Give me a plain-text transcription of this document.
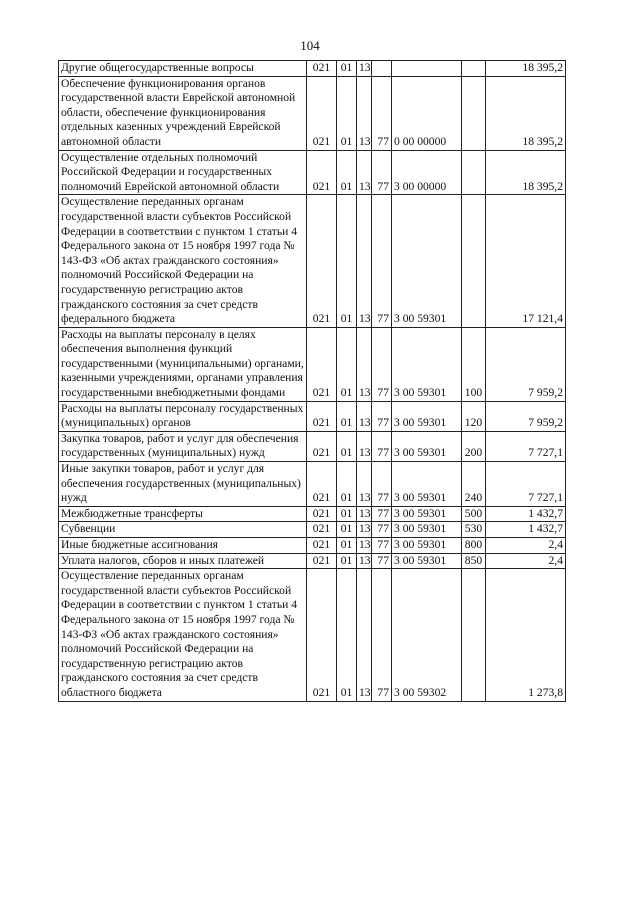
104
Другие общегосударственные вопросы	021	01	13				18 395,2
Обеспечение функционирования органов государственной власти Еврейской автономной области, обеспечение функционирования отдельных казенных учреждений Еврейской автономной области	021	01	13	77	0 00 00000		18 395,2
Осуществление отдельных полномочий Российской Федерации и государственных полномочий Еврейской автономной области	021	01	13	77	3 00 00000		18 395,2
Осуществление переданных органам государственной власти субъектов Российской Федерации в соответствии с пунктом 1 статьи 4 Федерального закона от 15 ноября 1997 года № 143-ФЗ «Об актах гражданского состояния» полномочий Российской Федерации на государственную регистрацию актов гражданского состояния за счет средств федерального бюджета	021	01	13	77	3 00 59301		17 121,4
Расходы на выплаты персоналу в целях обеспечения выполнения функций государственными (муниципальными) органами, казенными учреждениями, органами управления государственными внебюджетными фондами	021	01	13	77	3 00 59301	100	7 959,2
Расходы на выплаты персоналу государственных (муниципальных) органов	021	01	13	77	3 00 59301	120	7 959,2
Закупка товаров, работ и услуг для обеспечения государственных (муниципальных) нужд	021	01	13	77	3 00 59301	200	7 727,1
Иные закупки товаров, работ и услуг для обеспечения государственных (муниципальных) нужд	021	01	13	77	3 00 59301	240	7 727,1
Межбюджетные трансферты	021	01	13	77	3 00 59301	500	1 432,7
Субвенции	021	01	13	77	3 00 59301	530	1 432,7
Иные бюджетные ассигнования	021	01	13	77	3 00 59301	800	2,4
Уплата налогов, сборов и иных платежей	021	01	13	77	3 00 59301	850	2,4
Осуществление переданных органам государственной власти субъектов Российской Федерации в соответствии с пунктом 1 статьи 4 Федерального закона от 15 ноября 1997 года № 143-ФЗ «Об актах гражданского состояния» полномочий Российской Федерации на государственную регистрацию актов гражданского состояния за счет средств областного бюджета	021	01	13	77	3 00 59302		1 273,8
